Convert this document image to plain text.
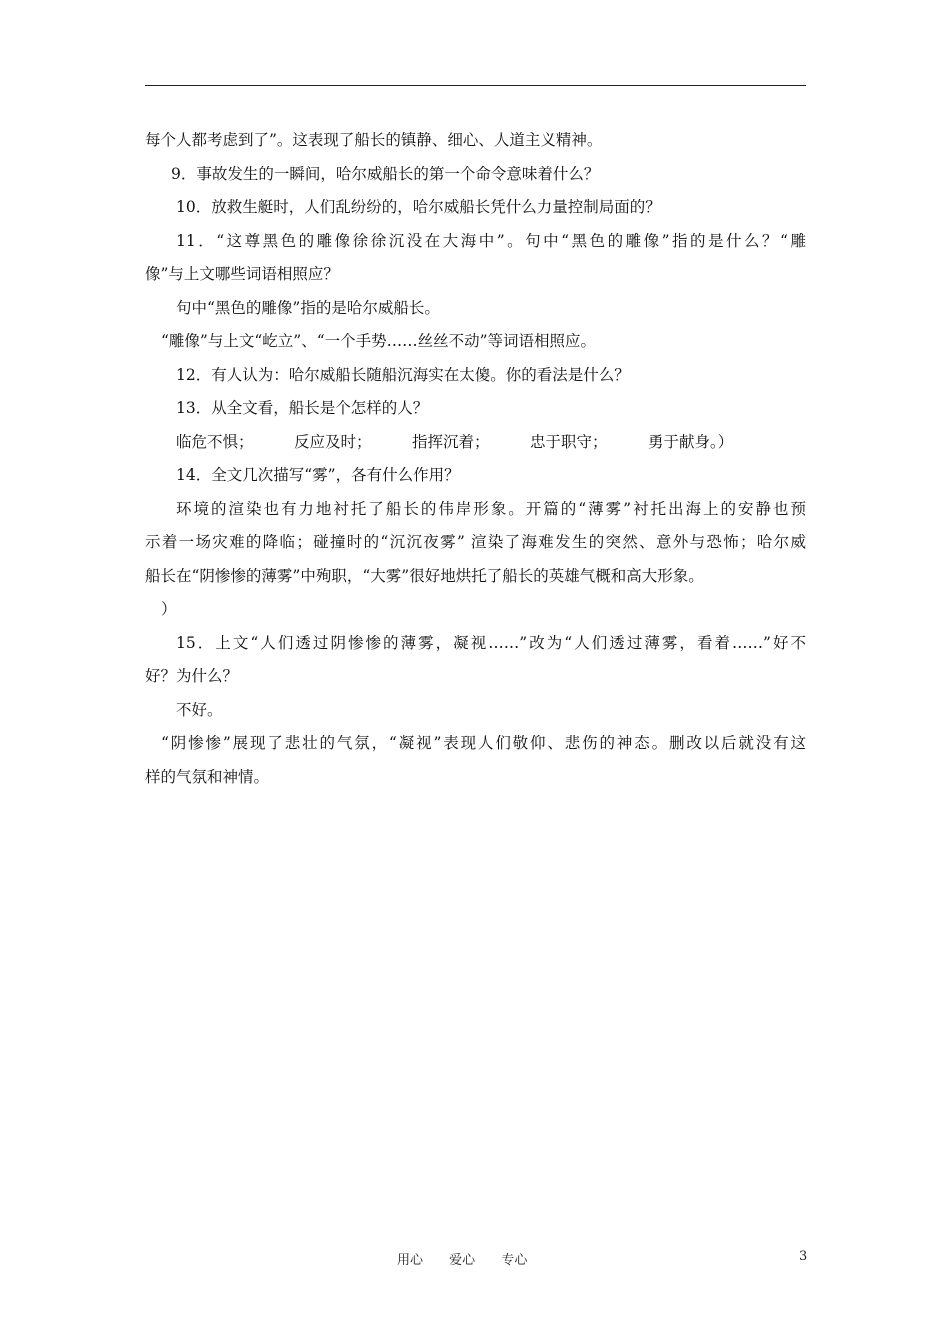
每个人都考虑到了”。这表现了船长的镇静、细心、人道主义精神。
9．事故发生的一瞬间，哈尔威船长的第一个命令意味着什么？
10．放救生艇时，人们乱纷纷的，哈尔威船长凭什么力量控制局面的？
11．“这尊黑色的雕像徐徐沉没在大海中”。句中“黑色的雕像”指的是什么？“雕
像”与上文哪些词语相照应？
句中“黑色的雕像”指的是哈尔威船长。
“雕像”与上文“屹立”、“一个手势……丝丝不动”等词语相照应。
12．有人认为：哈尔威船长随船沉海实在太傻。你的看法是什么？
13．从全文看，船长是个怎样的人？
临危不惧；	反应及时；	指挥沉着；	忠于职守；	勇于献身。）
14．全文几次描写“雾”，各有什么作用？
环境的渲染也有力地衬托了船长的伟岸形象。开篇的“薄雾”衬托出海上的安静也预
示着一场灾难的降临；碰撞时的“沉沉夜雾” 渲染了海难发生的突然、意外与恐怖；哈尔威
船长在“阴惨惨的薄雾”中殉职，“大雾”很好地烘托了船长的英雄气概和高大形象。
）
15．上文“人们透过阴惨惨的薄雾，凝视……”改为“人们透过薄雾，看着……”好不
好？为什么？
不好。
“阴惨惨”展现了悲壮的气氛，“凝视”表现人们敬仰、悲伤的神态。删改以后就没有这
样的气氛和神情。
用心 爱心 专心	3
